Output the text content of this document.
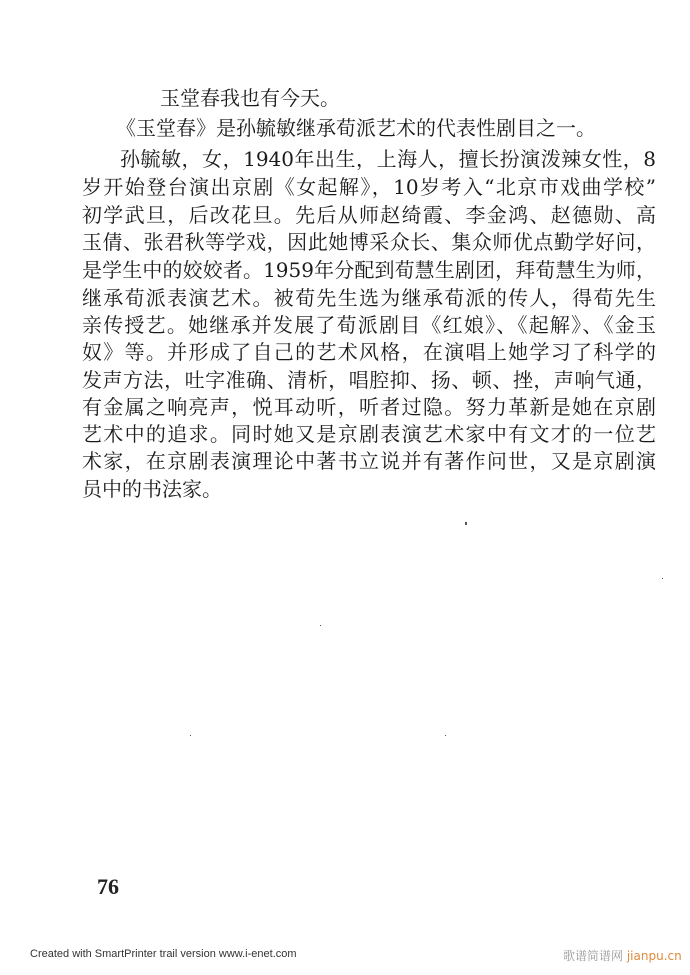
玉堂春我也有今天。
《玉堂春》是孙毓敏继承荀派艺术的代表性剧目之一。
孙毓敏，女，1940年出生，上海人，擅长扮演泼辣女性，8
岁开始登台演出京剧《女起解》，10岁考入“北京市戏曲学校”
初学武旦，后改花旦。先后从师赵绮霞、李金鸿、赵德勋、高
玉倩、张君秋等学戏，因此她博采众长、集众师优点勤学好问，
是学生中的姣姣者。1959年分配到荀慧生剧团，拜荀慧生为师，
继承荀派表演艺术。被荀先生选为继承荀派的传人，得荀先生
亲传授艺。她继承并发展了荀派剧目《红娘》、《起解》、《金玉
奴》等。并形成了自己的艺术风格，在演唱上她学习了科学的
发声方法，吐字准确、清析，唱腔抑、扬、顿、挫，声响气通，
有金属之响亮声，悦耳动听，听者过隐。努力革新是她在京剧
艺术中的追求。同时她又是京剧表演艺术家中有文才的一位艺
术家，在京剧表演理论中著书立说并有著作问世，又是京剧演
员中的书法家。
76
Created with SmartPrinter trail version www.i-enet.com	歌谱简谱网 jianpu.cn
